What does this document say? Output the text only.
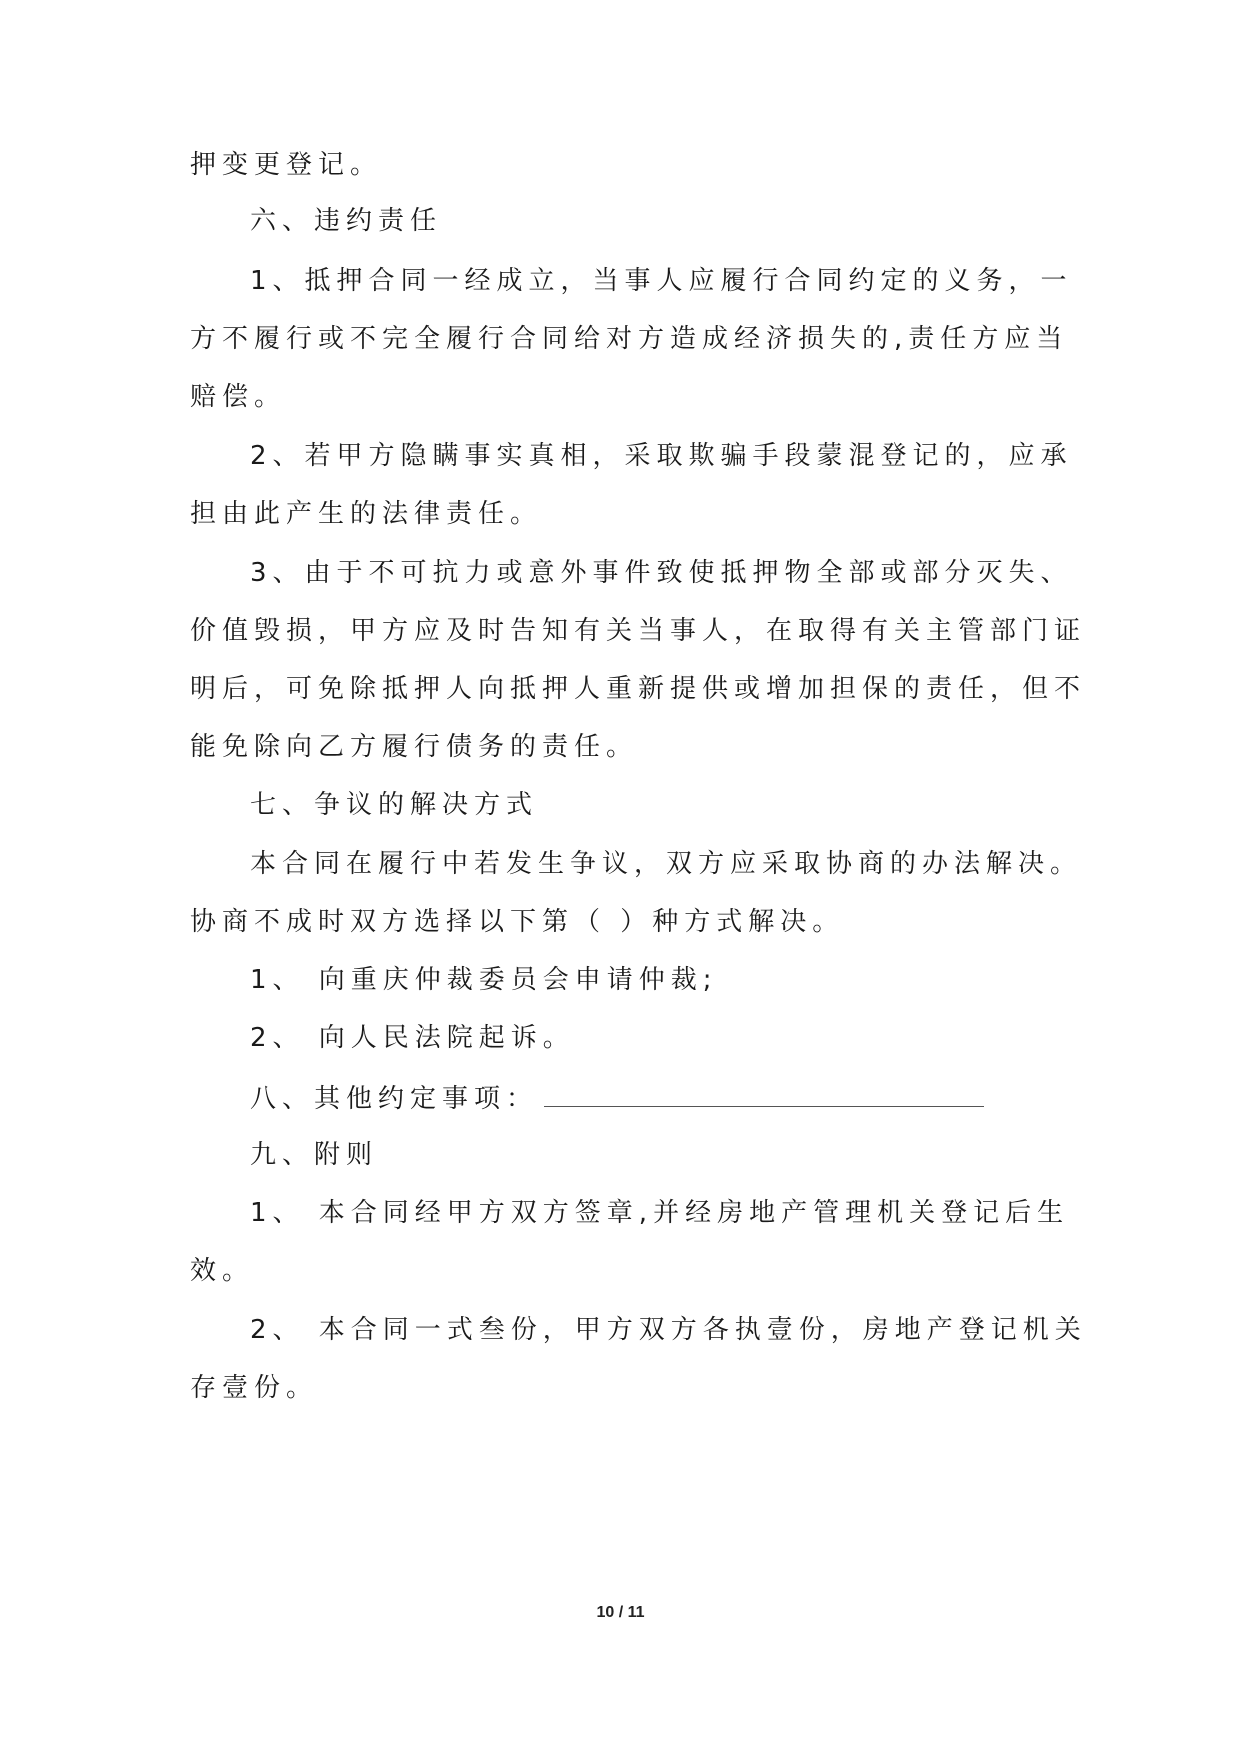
押变更登记。
六、违约责任
1、抵押合同一经成立，当事人应履行合同约定的义务，一
方不履行或不完全履行合同给对方造成经济损失的,责任方应当
赔偿。
2、若甲方隐瞒事实真相，采取欺骗手段蒙混登记的，应承
担由此产生的法律责任。
3、由于不可抗力或意外事件致使抵押物全部或部分灭失、
价值毁损，甲方应及时告知有关当事人，在取得有关主管部门证
明后，可免除抵押人向抵押人重新提供或增加担保的责任，但不
能免除向乙方履行债务的责任。
七、争议的解决方式
本合同在履行中若发生争议，双方应采取协商的办法解决。
协商不成时双方选择以下第（ ）种方式解决。
1、 向重庆仲裁委员会申请仲裁;
2、 向人民法院起诉。
八、其他约定事项：
九、附则
1、 本合同经甲方双方签章,并经房地产管理机关登记后生
效。
2、 本合同一式叁份，甲方双方各执壹份，房地产登记机关
存壹份。
10 / 11
